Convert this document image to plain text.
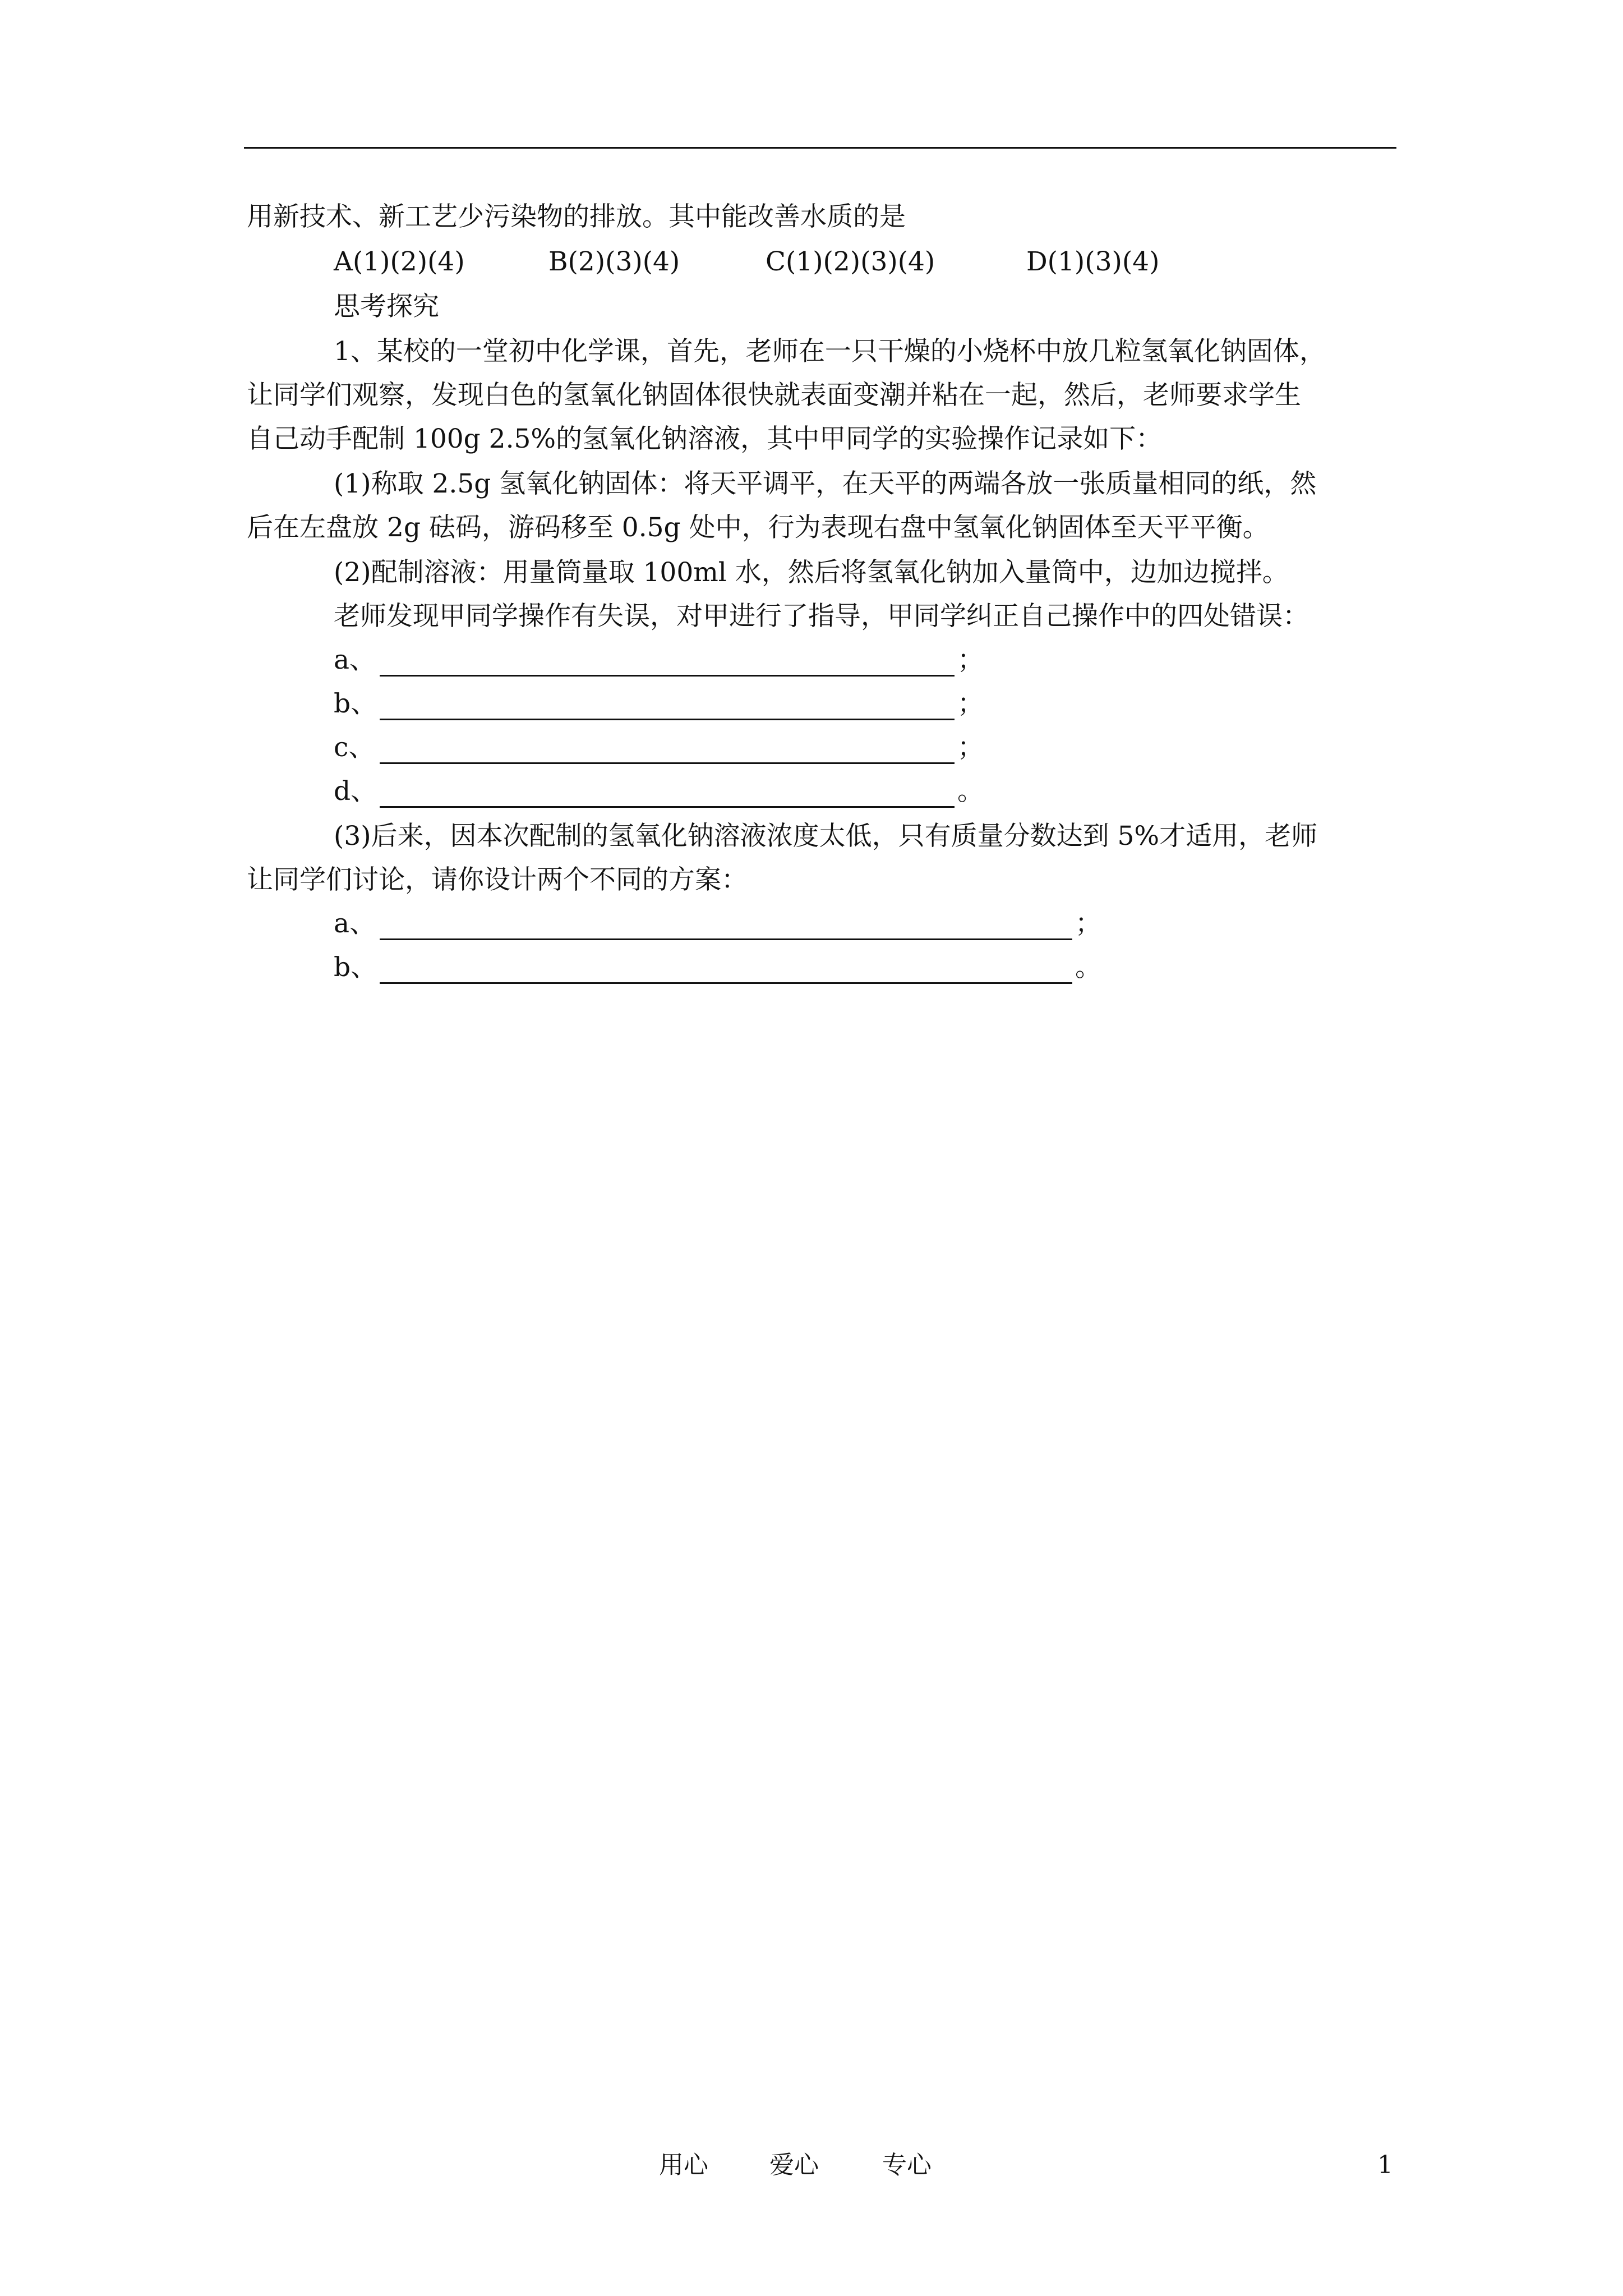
用新技术、新工艺少污染物的排放。其中能改善水质的是
A(1)(2)(4)	B(2)(3)(4)	C(1)(2)(3)(4)	D(1)(3)(4)
思考探究
1、某校的一堂初中化学课，首先，老师在一只干燥的小烧杯中放几粒氢氧化钠固体，
让同学们观察，发现白色的氢氧化钠固体很快就表面变潮并粘在一起，然后，老师要求学生
自己动手配制 100g 2.5%的氢氧化钠溶液，其中甲同学的实验操作记录如下：
(1)称取 2.5g 氢氧化钠固体：将天平调平，在天平的两端各放一张质量相同的纸，然
后在左盘放 2g 砝码，游码移至 0.5g 处中，行为表现右盘中氢氧化钠固体至天平平衡。
(2)配制溶液：用量筒量取 100ml 水，然后将氢氧化钠加入量筒中，边加边搅拌。
老师发现甲同学操作有失误，对甲进行了指导，甲同学纠正自己操作中的四处错误：
a、	；
b、	；
c、	；
d、	。
(3)后来，因本次配制的氢氧化钠溶液浓度太低，只有质量分数达到 5%才适用，老师
让同学们讨论，请你设计两个不同的方案：
a、	；
b、	。
用心 爱心	专心	1
